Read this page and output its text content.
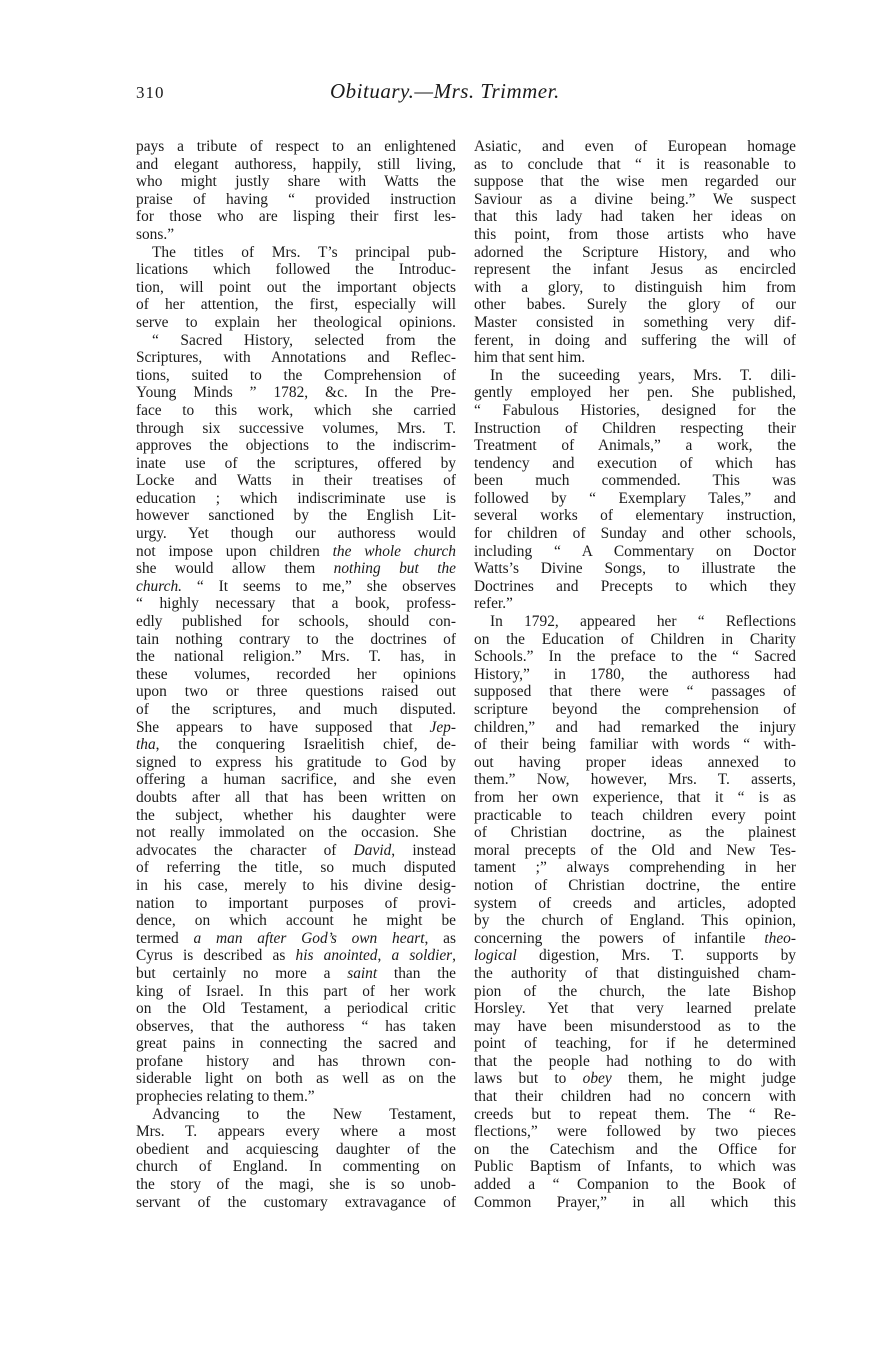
310	Obituary.—Mrs. Trimmer.
pays a tribute of respect to an enlightened
and elegant authoress, happily, still living,
who might justly share with Watts the
praise of having “ provided instruction
for those who are lisping their first les-
sons.”
The titles of Mrs. T’s principal pub-
lications which followed the Introduc-
tion, will point out the important objects
of her attention, the first, especially will
serve to explain her theological opinions.
“ Sacred History, selected from the
Scriptures, with Annotations and Reflec-
tions, suited to the Comprehension of
Young Minds ” 1782, &c. In the Pre-
face to this work, which she carried
through six successive volumes, Mrs. T.
approves the objections to the indiscrim-
inate use of the scriptures, offered by
Locke and Watts in their treatises of
education ; which indiscriminate use is
however sanctioned by the English Lit-
urgy. Yet though our authoress would
not impose upon children the whole church
she would allow them nothing but the
church. “ It seems to me,” she observes
“ highly necessary that a book, profess-
edly published for schools, should con-
tain nothing contrary to the doctrines of
the national religion.” Mrs. T. has, in
these volumes, recorded her opinions
upon two or three questions raised out
of the scriptures, and much disputed.
She appears to have supposed that Jep-
tha, the conquering Israelitish chief, de-
signed to express his gratitude to God by
offering a human sacrifice, and she even
doubts after all that has been written on
the subject, whether his daughter were
not really immolated on the occasion. She
advocates the character of David, instead
of referring the title, so much disputed
in his case, merely to his divine desig-
nation to important purposes of provi-
dence, on which account he might be
termed a man after God’s own heart, as
Cyrus is described as his anointed, a soldier,
but certainly no more a saint than the
king of Israel. In this part of her work
on the Old Testament, a periodical critic
observes, that the authoress “ has taken
great pains in connecting the sacred and
profane history and has thrown con-
siderable light on both as well as on the
prophecies relating to them.”
Advancing to the New Testament,
Mrs. T. appears every where a most
obedient and acquiescing daughter of the
church of England. In commenting on
the story of the magi, she is so unob-
servant of the customary extravagance of
Asiatic, and even of European homage
as to conclude that “ it is reasonable to
suppose that the wise men regarded our
Saviour as a divine being.” We suspect
that this lady had taken her ideas on
this point, from those artists who have
adorned the Scripture History, and who
represent the infant Jesus as encircled
with a glory, to distinguish him from
other babes. Surely the glory of our
Master consisted in something very dif-
ferent, in doing and suffering the will of
him that sent him.
In the suceeding years, Mrs. T. dili-
gently employed her pen. She published,
“ Fabulous Histories, designed for the
Instruction of Children respecting their
Treatment of Animals,” a work, the
tendency and execution of which has
been much commended. This was
followed by “ Exemplary Tales,” and
several works of elementary instruction,
for children of Sunday and other schools,
including “ A Commentary on Doctor
Watts’s Divine Songs, to illustrate the
Doctrines and Precepts to which they
refer.”
In 1792, appeared her “ Reflections
on the Education of Children in Charity
Schools.” In the preface to the “ Sacred
History,” in 1780, the authoress had
supposed that there were “ passages of
scripture beyond the comprehension of
children,” and had remarked the injury
of their being familiar with words “ with-
out having proper ideas annexed to
them.” Now, however, Mrs. T. asserts,
from her own experience, that it “ is as
practicable to teach children every point
of Christian doctrine, as the plainest
moral precepts of the Old and New Tes-
tament ;” always comprehending in her
notion of Christian doctrine, the entire
system of creeds and articles, adopted
by the church of England. This opinion,
concerning the powers of infantile theo-
logical digestion, Mrs. T. supports by
the authority of that distinguished cham-
pion of the church, the late Bishop
Horsley. Yet that very learned prelate
may have been misunderstood as to the
point of teaching, for if he determined
that the people had nothing to do with
laws but to obey them, he might judge
that their children had no concern with
creeds but to repeat them. The “ Re-
flections,” were followed by two pieces
on the Catechism and the Office for
Public Baptism of Infants, to which was
added a “ Companion to the Book of
Common Prayer,” in all which this
